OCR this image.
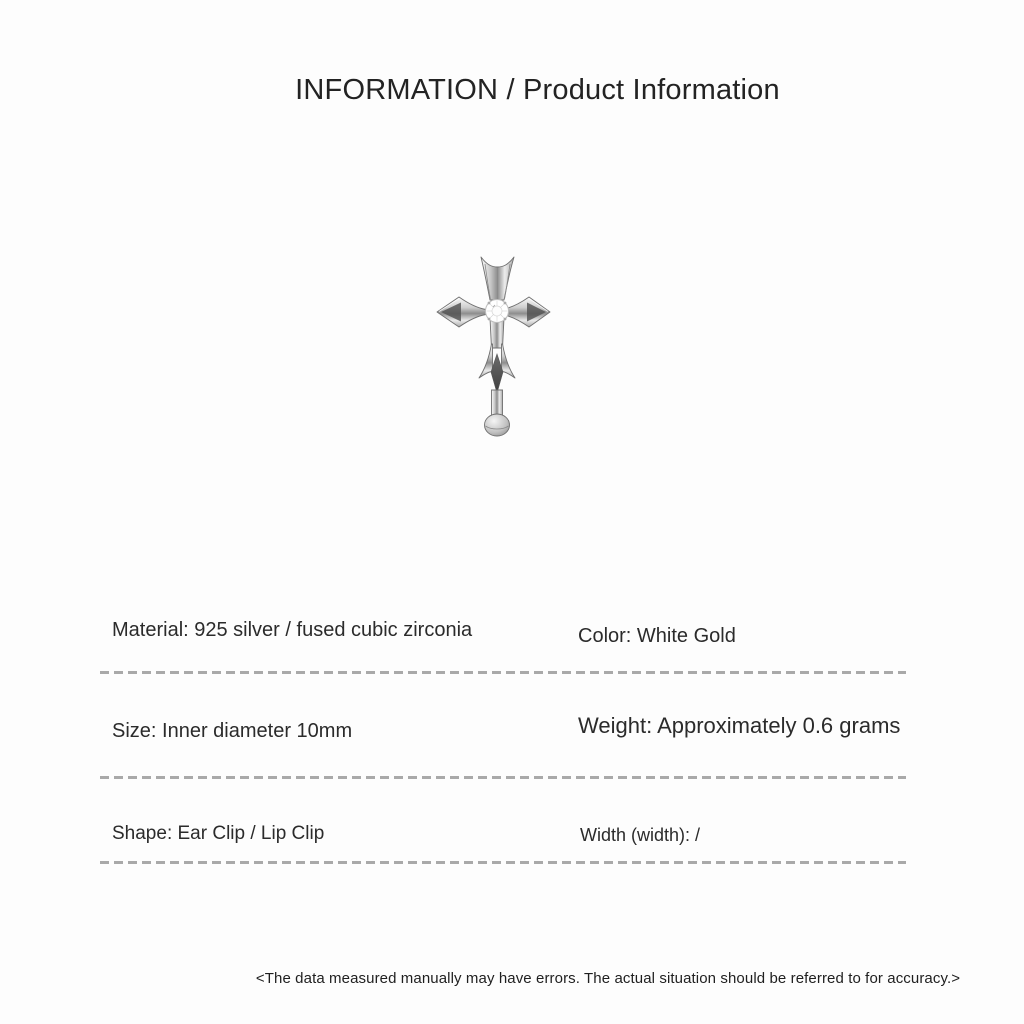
INFORMATION / Product Information
Material: 925 silver / fused cubic zirconia	Color: White Gold
Size: Inner diameter 10mm	Weight: Approximately 0.6 grams
Shape: Ear Clip / Lip Clip	Width (width): /
<The data measured manually may have errors. The actual situation should be referred to for accuracy.>
